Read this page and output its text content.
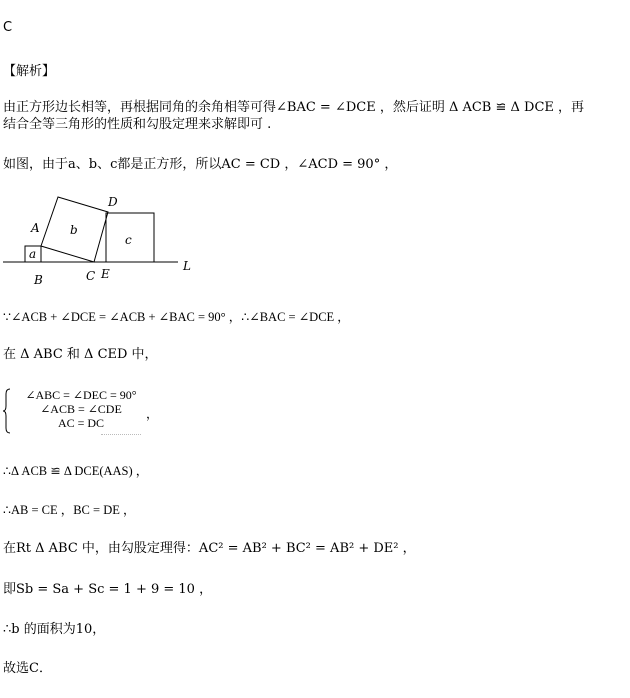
C
【解析】
由正方形边长相等，再根据同角的余角相等可得∠BAC = ∠DCE ，然后证明 Δ ACB ≌ Δ DCE ，再
结合全等三角形的性质和勾股定理来求解即可 .
如图，由于a、b、c都是正方形，所以AC = CD ，∠ACD = 90° ，
A
B	C
D
E
L
a
b
c
∵∠ACB + ∠DCE = ∠ACB + ∠BAC = 90° ，∴∠BAC = ∠DCE ，
在 Δ ABC 和 Δ CED 中，
∠ABC = ∠DEC = 90°
∠ACB = ∠CDE
AC = DC
，
∴Δ ACB ≌ Δ DCE(AAS) ，
∴AB = CE ，BC = DE ，
在Rt Δ ABC 中，由勾股定理得：AC² = AB² + BC² = AB² + DE² ，
即Sb = Sa + Sc = 1 + 9 = 10 ，
∴b 的面积为10，
故选C．
